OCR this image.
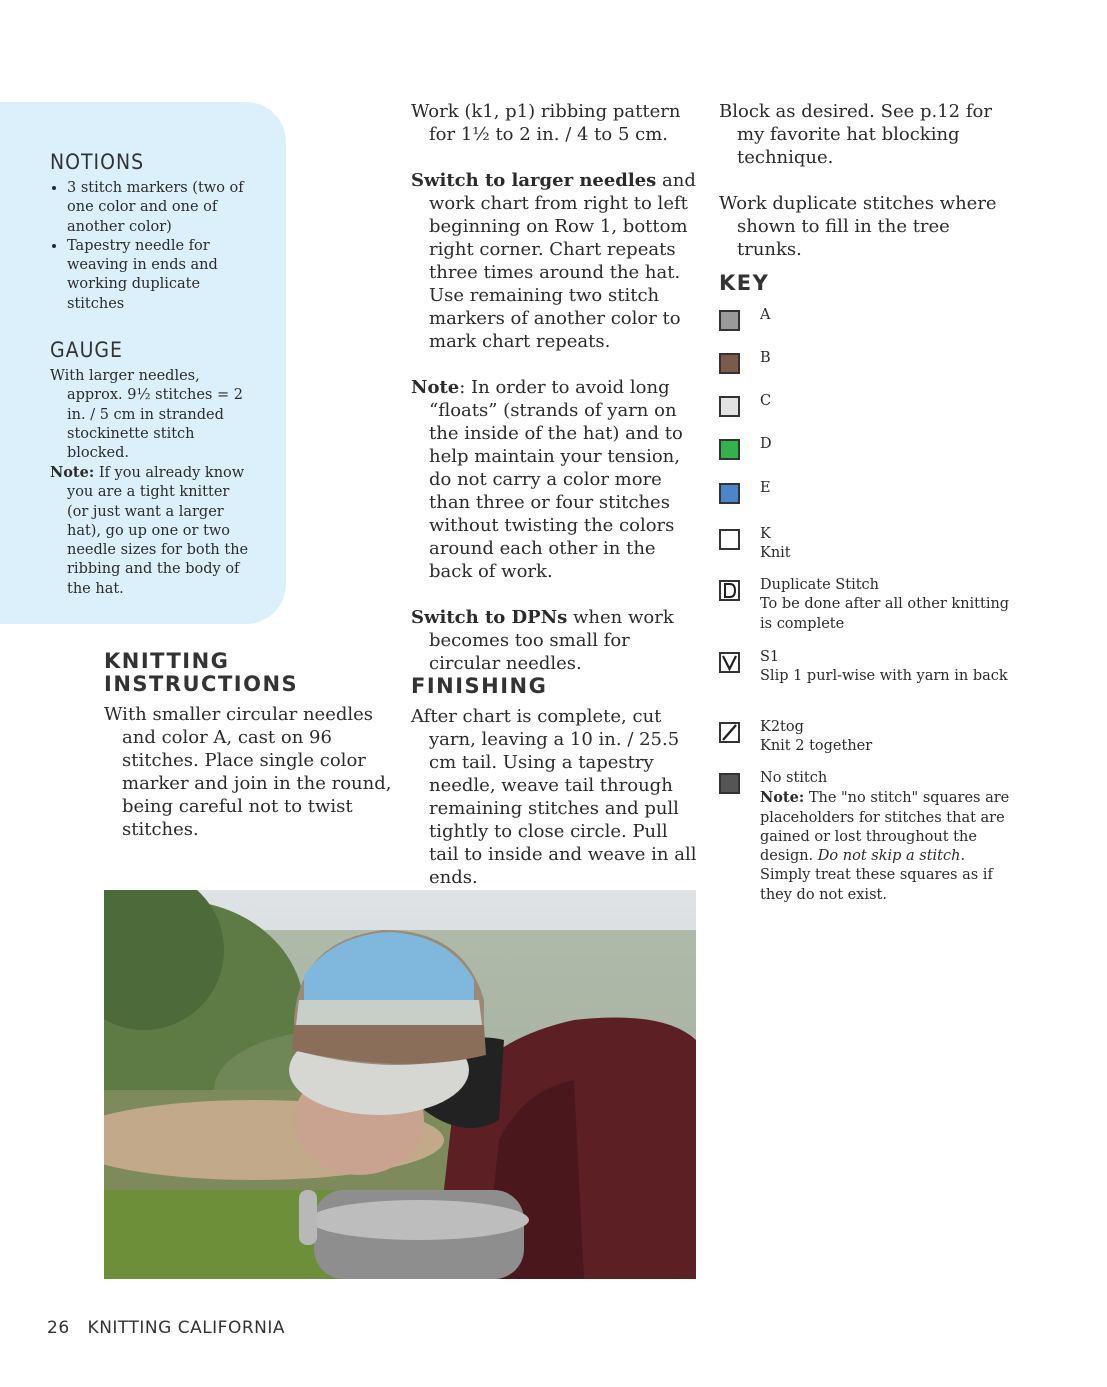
NOTIONS
• 3 stitch markers (two of one color and one of another color)
• Tapestry needle for weaving in ends and working duplicate stitches
GAUGE

With larger needles, approx. 9½ stitches = 2 in. / 5 cm in stranded stockinette stitch blocked.

Note: If you already know you are a tight knitter (or just want a larger hat), go up one or two needle sizes for both the ribbing and the body of the hat.

KNITTING
INSTRUCTIONS

With smaller circular needles and color A, cast on 96 stitches. Place single color marker and join in the round, being careful not to twist stitches.

Work (k1, p1) ribbing pattern for 1½ to 2 in. / 4 to 5 cm.

Switch to larger needles and work chart from right to left beginning on Row 1, bottom right corner. Chart repeats three times around the hat. Use remaining two stitch markers of another color to mark chart repeats.

Note: In order to avoid long “floats” (strands of yarn on the inside of the hat) and to help maintain your tension, do not carry a color more than three or four stitches without twisting the colors around each other in the back of work.

Switch to DPNs when work becomes too small for circular needles.

FINISHING

After chart is complete, cut yarn, leaving a 10 in. / 25.5 cm tail. Using a tapestry needle, weave tail through remaining stitches and pull tightly to close circle. Pull tail to inside and weave in all ends.

Block as desired. See p.12 for my favorite hat blocking technique.

Work duplicate stitches where shown to fill in the tree trunks.

KEY
A
B
C
D
E
K
Knit
Duplicate Stitch
To be done after all other knitting is complete
S1
Slip 1 purl-wise with yarn in back
K2tog
Knit 2 together
No stitch
Note: The "no stitch" squares are placeholders for stitches that are gained or lost throughout the design. Do not skip a stitch. Simply treat these squares as if they do not exist.
26 KNITTING CALIFORNIA
